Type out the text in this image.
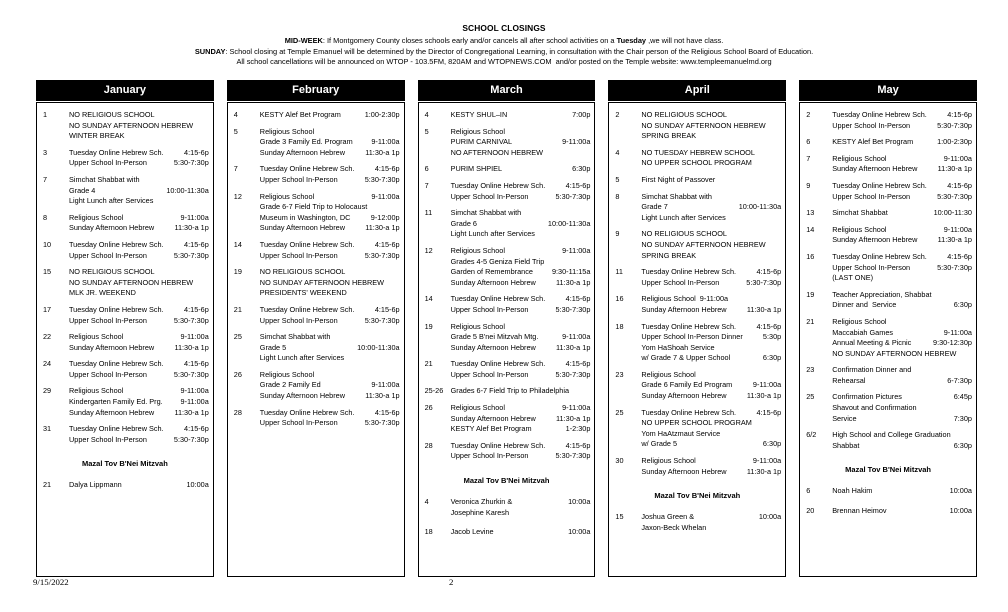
SCHOOL CLOSINGS
MID-WEEK: If Montgomery County closes schools early and/or cancels all after school activities on a Tuesday ,we will not have class.
SUNDAY: School closing at Temple Emanuel will be determined by the Director of Congregational Learning, in consultation with the Chair person of the Religious School Board of Education.
All school cancellations will be announced on WTOP - 103.5FM, 820AM and WTOPNEWS.COM  and/or posted on the Temple website: www.templeemanuelmd.org
January
1	NO RELIGIOUS SCHOOL
NO SUNDAY AFTERNOON HEBREW
WINTER BREAK
3	Tuesday Online Hebrew Sch.	4:15-6p
Upper School In-Person	5:30-7:30p
7	Simchat Shabbat with
Grade 4	10:00-11:30a
Light Lunch after Services
8	Religious School	9-11:00a
Sunday Afternoon Hebrew	11:30-a 1p
10	Tuesday Online Hebrew Sch.	4:15-6p
Upper School In-Person	5:30-7:30p
15	NO RELIGIOUS SCHOOL
NO SUNDAY AFTERNOON HEBREW
MLK JR. WEEKEND
17	Tuesday Online Hebrew Sch.	4:15-6p
Upper School In-Person	5:30-7:30p
22	Religious School	9-11:00a
Sunday Afternoon Hebrew	11:30-a 1p
24	Tuesday Online Hebrew Sch.	4:15-6p
Upper School In-Person	5:30-7:30p
29	Religious School	9-11:00a
Kindergarten Family Ed. Prg.	9-11:00a
Sunday Afternoon Hebrew	11:30-a 1p
31	Tuesday Online Hebrew Sch.	4:15-6p
Upper School In-Person	5:30-7:30p
Mazal Tov B'Nei Mitzvah
21	Dalya Lippmann	10:00a
February
4	KESTY Alef Bet Program	1:00-2:30p
5	Religious School
Grade 3 Family Ed. Program	9-11:00a
Sunday Afternoon Hebrew	11:30-a 1p
7	Tuesday Online Hebrew Sch.	4:15-6p
Upper School In-Person	5:30-7:30p
12	Religious School	9-11:00a
Grade 6-7 Field Trip to Holocaust
Museum in Washington, DC	9-12:00p
Sunday Afternoon Hebrew	11:30-a 1p
14	Tuesday Online Hebrew Sch.	4:15-6p
Upper School In-Person	5:30-7:30p
19	NO RELIGIOUS SCHOOL
NO SUNDAY AFTERNOON HEBREW
PRESIDENTS' WEEKEND
21	Tuesday Online Hebrew Sch.	4:15-6p
Upper School In-Person	5:30-7:30p
25	Simchat Shabbat with
Grade 5	10:00-11:30a
Light Lunch after Services
26	Religious School
Grade 2 Family Ed	9-11:00a
Sunday Afternoon Hebrew	11:30-a 1p
28	Tuesday Online Hebrew Sch.	4:15-6p
Upper School In-Person	5:30-7:30p
March
4	KESTY SHUL–IN	7:00p
5	Religious School
PURIM CARNIVAL	9-11:00a
NO AFTERNOON HEBREW
6	PURIM SHPIEL	6:30p
7	Tuesday Online Hebrew Sch.	4:15-6p
Upper School In-Person	5:30-7:30p
11	Simchat Shabbat with
Grade 6	10:00-11:30a
Light Lunch after Services
12	Religious School	9-11:00a
Grades 4-5 Geniza Field Trip
Garden of Remembrance	9:30-11:15a
Sunday Afternoon Hebrew	11:30-a 1p
14	Tuesday Online Hebrew Sch.	4:15-6p
Upper School In-Person	5:30-7:30p
19	Religious School
Grade 5 B'nei Mitzvah Mtg.	9-11:00a
Sunday Afternoon Hebrew	11:30-a 1p
21	Tuesday Online Hebrew Sch.	4:15-6p
Upper School In-Person	5:30-7:30p
25-26	Grades 6-7 Field Trip to Philadelphia
26	Religious School	9-11:00a
Sunday Afternoon Hebrew	11:30-a 1p
KESTY Alef Bet Program	1-2:30p
28	Tuesday Online Hebrew Sch.	4:15-6p
Upper School In-Person	5:30-7:30p
Mazal Tov B'Nei Mitzvah
4	Veronica Zhurkin &	10:00a
Josephine Karesh
18	Jacob Levine	10:00a
April
2	NO RELIGIOUS SCHOOL
NO SUNDAY AFTERNOON HEBREW
SPRING BREAK
4	NO TUESDAY HEBREW SCHOOL
NO UPPER SCHOOL PROGRAM
5	First Night of Passover
8	Simchat Shabbat with
Grade 7	10:00-11:30a
Light Lunch after Services
9	NO RELIGIOUS SCHOOL
NO SUNDAY AFTERNOON HEBREW
SPRING BREAK
11	Tuesday Online Hebrew Sch.	4:15-6p
Upper School In-Person	5:30-7:30p
16	Religious School  9-11:00a
Sunday Afternoon Hebrew	11:30-a 1p
18	Tuesday Online Hebrew Sch.	4:15-6p
Upper School In-Person Dinner	5:30p
Yom HaShoah Service
w/ Grade 7 & Upper School	6:30p
23	Religious School
Grade 6 Family Ed Program	9-11:00a
Sunday Afternoon Hebrew	11:30-a 1p
25	Tuesday Online Hebrew Sch.	4:15-6p
NO UPPER SCHOOL PROGRAM
Yom HaAtzmaut Service
w/ Grade 5	6:30p
30	Religious School	9-11:00a
Sunday Afternoon Hebrew	11:30-a 1p
Mazal Tov B'Nei Mitzvah
15	Joshua Green &	10:00a
Jaxon-Beck Whelan
May
2	Tuesday Online Hebrew Sch.	4:15-6p
Upper School In-Person	5:30-7:30p
6	KESTY Alef Bet Program	1:00-2:30p
7	Religious School	9-11:00a
Sunday Afternoon Hebrew	11:30-a 1p
9	Tuesday Online Hebrew Sch.	4:15-6p
Upper School In-Person	5:30-7:30p
13	Simchat Shabbat	10:00-11:30
14	Religious School	9-11:00a
Sunday Afternoon Hebrew	11:30-a 1p
16	Tuesday Online Hebrew Sch.	4:15-6p
Upper School In-Person	5:30-7:30p
(LAST ONE)
19	Teacher Appreciation, Shabbat
Dinner and  Service	6:30p
21	Religious School
Maccabiah Games	9-11:00a
Annual Meeting & Picnic	9:30-12:30p
NO SUNDAY AFTERNOON HEBREW
23	Confirmation Dinner and
Rehearsal	6-7:30p
25	Confirmation Pictures	6:45p
Shavout and Confirmation
Service	7:30p
6/2	High School and College Graduation
Shabbat	6:30p
Mazal Tov B'Nei Mitzvah
6	Noah Hakim	10:00a
20	Brennan Heimov	10:00a
9/15/2022	2
